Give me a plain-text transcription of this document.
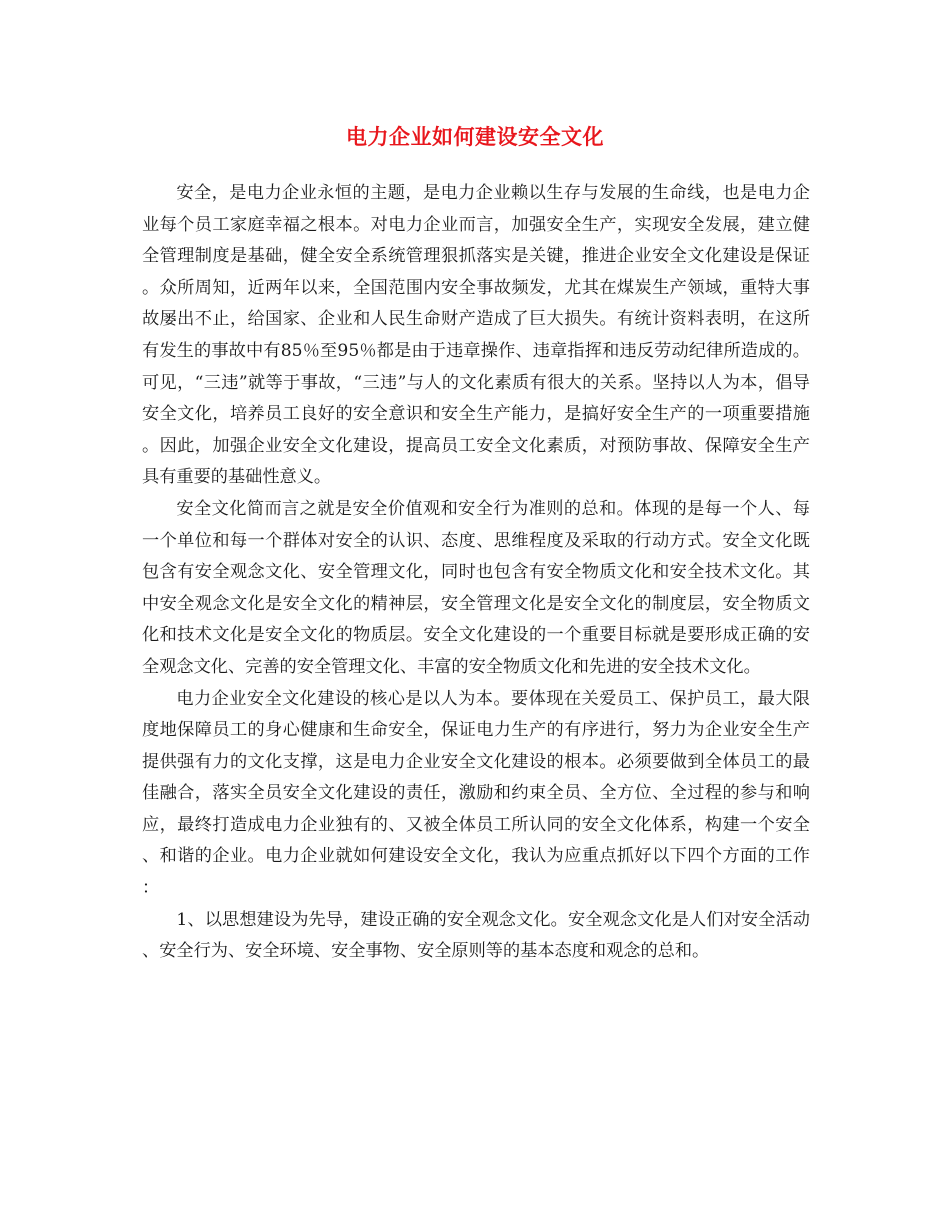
电力企业如何建设安全文化

安全，是电力企业永恒的主题，是电力企业赖以生存与发展的生命线，也是电力企业每个员工家庭幸福之根本。对电力企业而言，加强安全生产，实现安全发展，建立健全管理制度是基础，健全安全系统管理狠抓落实是关键，推进企业安全文化建设是保证。众所周知，近两年以来，全国范围内安全事故频发，尤其在煤炭生产领域，重特大事故屡出不止，给国家、企业和人民生命财产造成了巨大损失。有统计资料表明，在这所有发生的事故中有85％至95％都是由于违章操作、违章指挥和违反劳动纪律所造成的。可见，“三违”就等于事故，“三违”与人的文化素质有很大的关系。坚持以人为本，倡导安全文化，培养员工良好的安全意识和安全生产能力，是搞好安全生产的一项重要措施。因此，加强企业安全文化建设，提高员工安全文化素质，对预防事故、保障安全生产具有重要的基础性意义。

安全文化简而言之就是安全价值观和安全行为准则的总和。体现的是每一个人、每一个单位和每一个群体对安全的认识、态度、思维程度及采取的行动方式。安全文化既包含有安全观念文化、安全管理文化，同时也包含有安全物质文化和安全技术文化。其中安全观念文化是安全文化的精神层，安全管理文化是安全文化的制度层，安全物质文化和技术文化是安全文化的物质层。安全文化建设的一个重要目标就是要形成正确的安全观念文化、完善的安全管理文化、丰富的安全物质文化和先进的安全技术文化。

电力企业安全文化建设的核心是以人为本。要体现在关爱员工、保护员工，最大限度地保障员工的身心健康和生命安全，保证电力生产的有序进行，努力为企业安全生产提供强有力的文化支撑，这是电力企业安全文化建设的根本。必须要做到全体员工的最佳融合，落实全员安全文化建设的责任，激励和约束全员、全方位、全过程的参与和响应，最终打造成电力企业独有的、又被全体员工所认同的安全文化体系，构建一个安全、和谐的企业。电力企业就如何建设安全文化，我认为应重点抓好以下四个方面的工作：

1、以思想建设为先导，建设正确的安全观念文化。安全观念文化是人们对安全活动、安全行为、安全环境、安全事物、安全原则等的基本态度和观念的总和。
